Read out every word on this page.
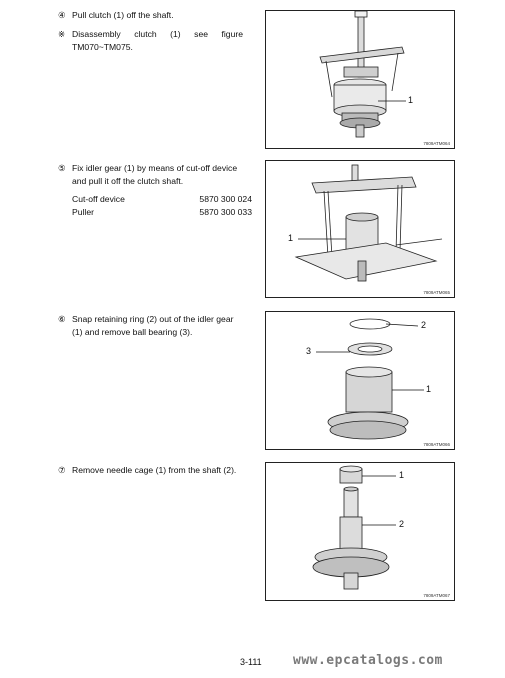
④ Pull clutch (1) off the shaft.

※ Disassembly clutch (1) see figure TM070~TM075.
1
7809ATM064

⑤ Fix idler gear (1) by means of cut-off device and pull it off the clutch shaft.

Cut-off device	5870 300 024
Puller	5870 300 033
1
7809ATM065

⑥ Snap retaining ring (2) out of the idler gear (1) and remove ball bearing (3).

2
3
1
7809ATM066

⑦ Remove needle cage (1) from the shaft (2).	1
2
7809ATM067
3-111 www.epcatalogs.com
